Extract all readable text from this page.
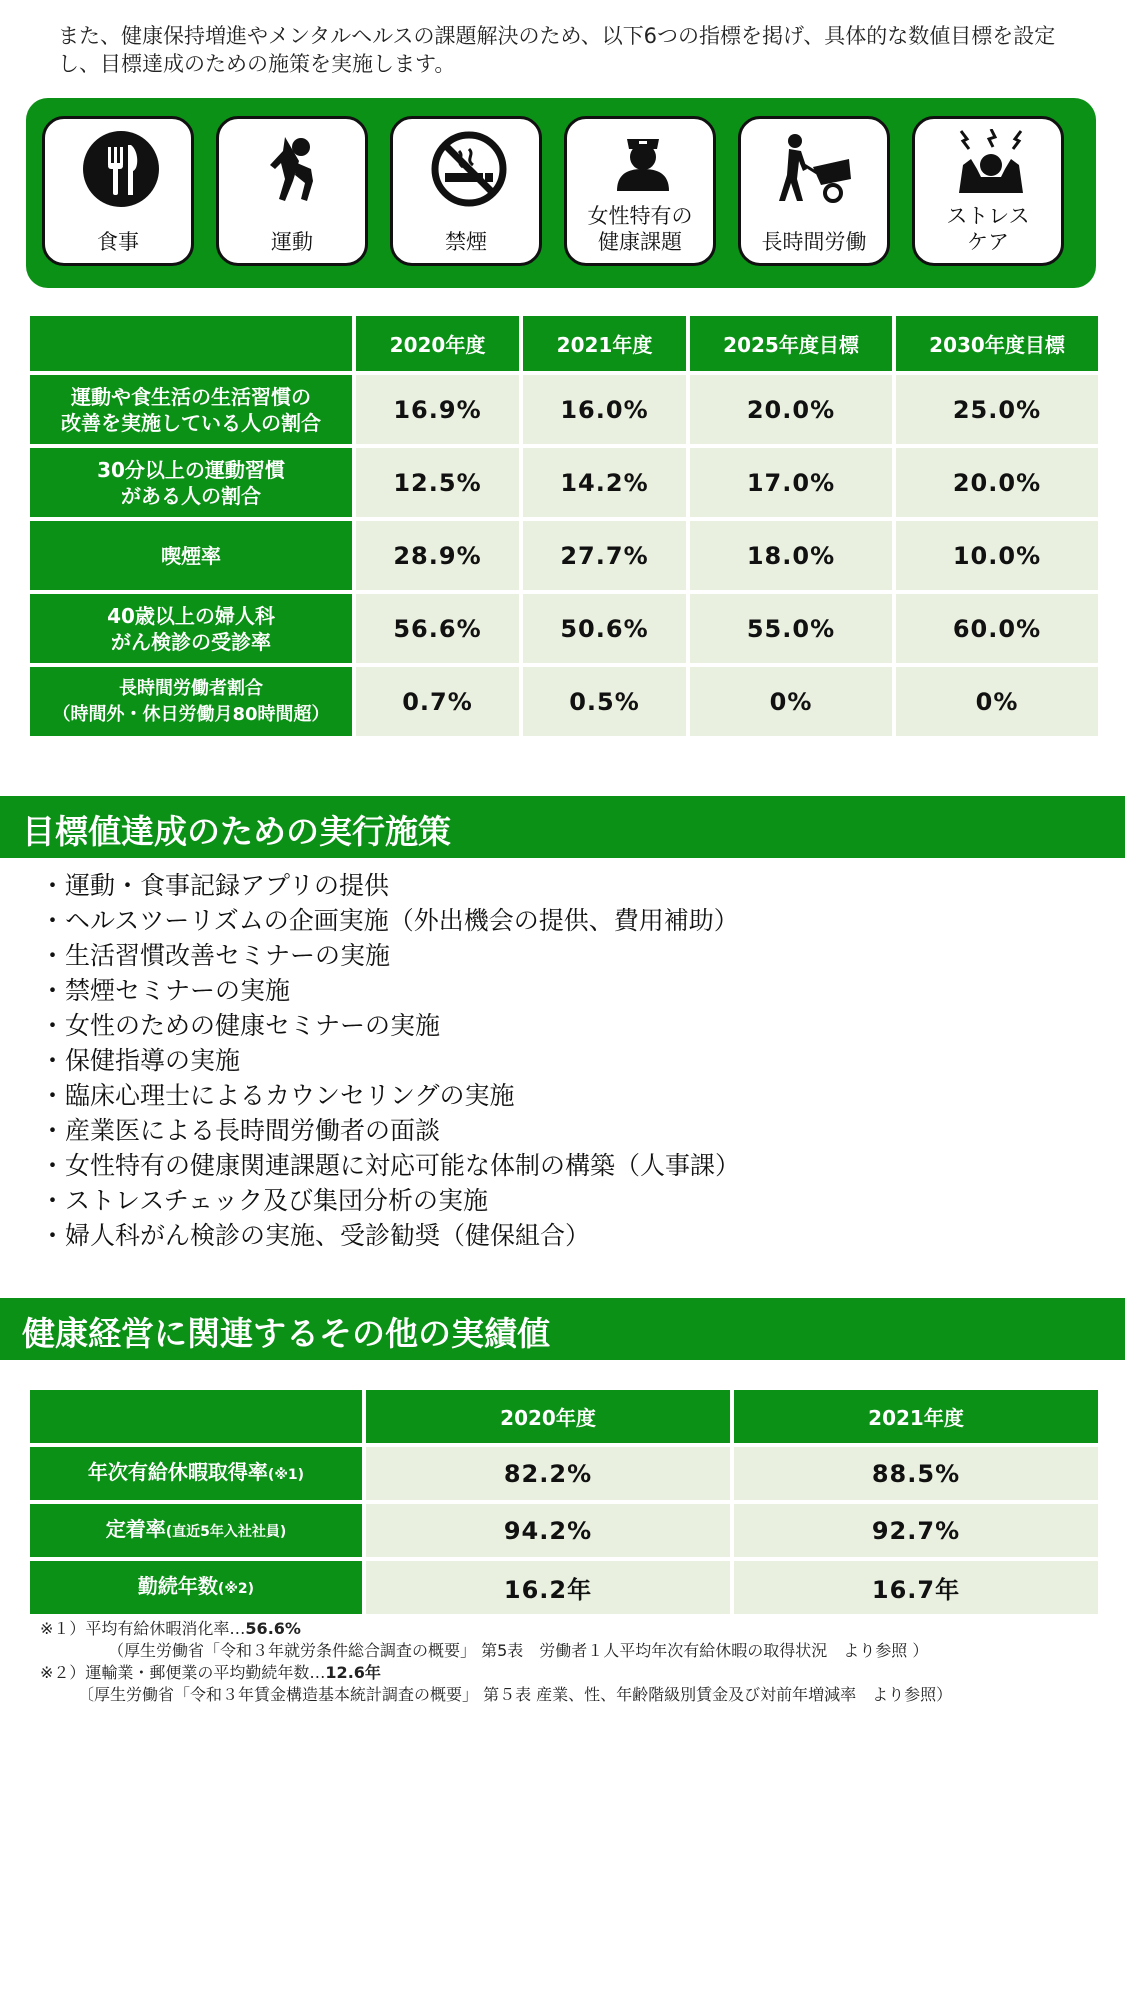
また、健康保持増進やメンタルヘルスの課題解決のため、以下6つの指標を掲げ、具体的な数値目標を設定し、目標達成のための施策を実施します。
食事	運動	禁煙
女性特有の
健康課題	長時間労働
ストレス
ケア
	2020年度	2021年度	2025年度目標	2030年度目標
運動や食生活の生活習慣の
改善を実施している人の割合	16.9%	16.0%	20.0%	25.0%
30分以上の運動習慣
がある人の割合	12.5%	14.2%	17.0%	20.0%
喫煙率	28.9%	27.7%	18.0%	10.0%
40歳以上の婦人科
がん検診の受診率	56.6%	50.6%	55.0%	60.0%
長時間労働者割合
（時間外・休日労働月80時間超）	0.7%	0.5%	0%	0%
目標値達成のための実行施策
・運動・食事記録アプリの提供
・ヘルスツーリズムの企画実施（外出機会の提供、費用補助）
・生活習慣改善セミナーの実施
・禁煙セミナーの実施
・女性のための健康セミナーの実施
・保健指導の実施
・臨床心理士によるカウンセリングの実施
・産業医による長時間労働者の面談
・女性特有の健康関連課題に対応可能な体制の構築（人事課）
・ストレスチェック及び集団分析の実施
・婦人科がん検診の実施、受診勧奨（健保組合）
健康経営に関連するその他の実績値
	2020年度	2021年度
年次有給休暇取得率(※1)	82.2%	88.5%
定着率(直近5年入社社員)	94.2%	92.7%
勤続年数(※2)	16.2年	16.7年
※１）平均有給休暇消化率…56.6%
（厚生労働省「令和３年就労条件総合調査の概要」 第5表　労働者１人平均年次有給休暇の取得状況　より参照 ）
※２）運輸業・郵便業の平均勤続年数…12.6年
〔厚生労働省「令和３年賃金構造基本統計調査の概要」 第５表 産業、性、年齢階級別賃金及び対前年増減率　より参照）
